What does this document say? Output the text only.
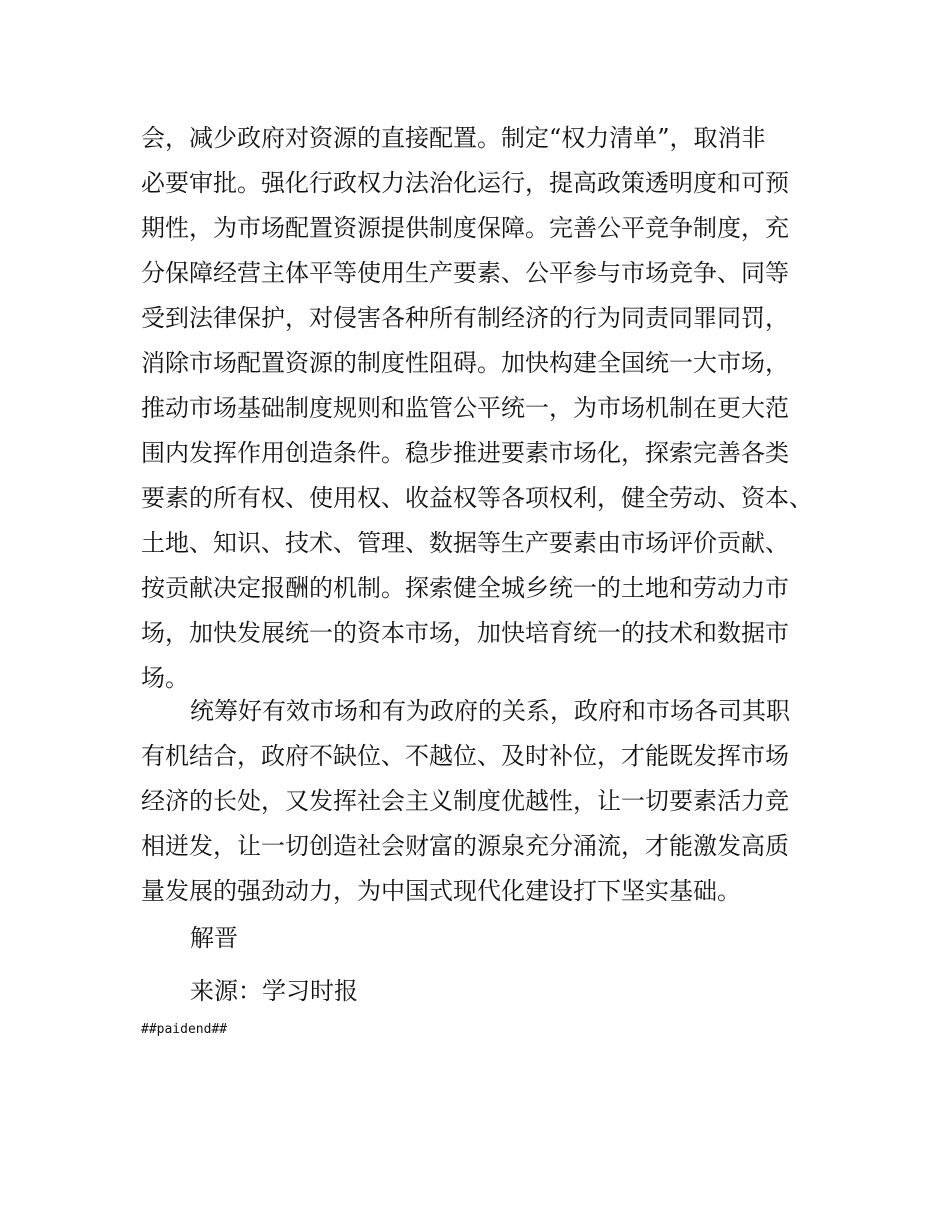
会，减少政府对资源的直接配置。制定“权力清单”，取消非
必要审批。强化行政权力法治化运行，提高政策透明度和可预
期性，为市场配置资源提供制度保障。完善公平竞争制度，充
分保障经营主体平等使用生产要素、公平参与市场竞争、同等
受到法律保护，对侵害各种所有制经济的行为同责同罪同罚，
消除市场配置资源的制度性阻碍。加快构建全国统一大市场，
推动市场基础制度规则和监管公平统一，为市场机制在更大范
围内发挥作用创造条件。稳步推进要素市场化，探索完善各类
要素的所有权、使用权、收益权等各项权利，健全劳动、资本、
土地、知识、技术、管理、数据等生产要素由市场评价贡献、
按贡献决定报酬的机制。探索健全城乡统一的土地和劳动力市
场，加快发展统一的资本市场，加快培育统一的技术和数据市
场。
统筹好有效市场和有为政府的关系，政府和市场各司其职
有机结合，政府不缺位、不越位、及时补位，才能既发挥市场
经济的长处，又发挥社会主义制度优越性，让一切要素活力竞
相迸发，让一切创造社会财富的源泉充分涌流，才能激发高质
量发展的强劲动力，为中国式现代化建设打下坚实基础。
解晋
来源：学习时报
##paidend##
